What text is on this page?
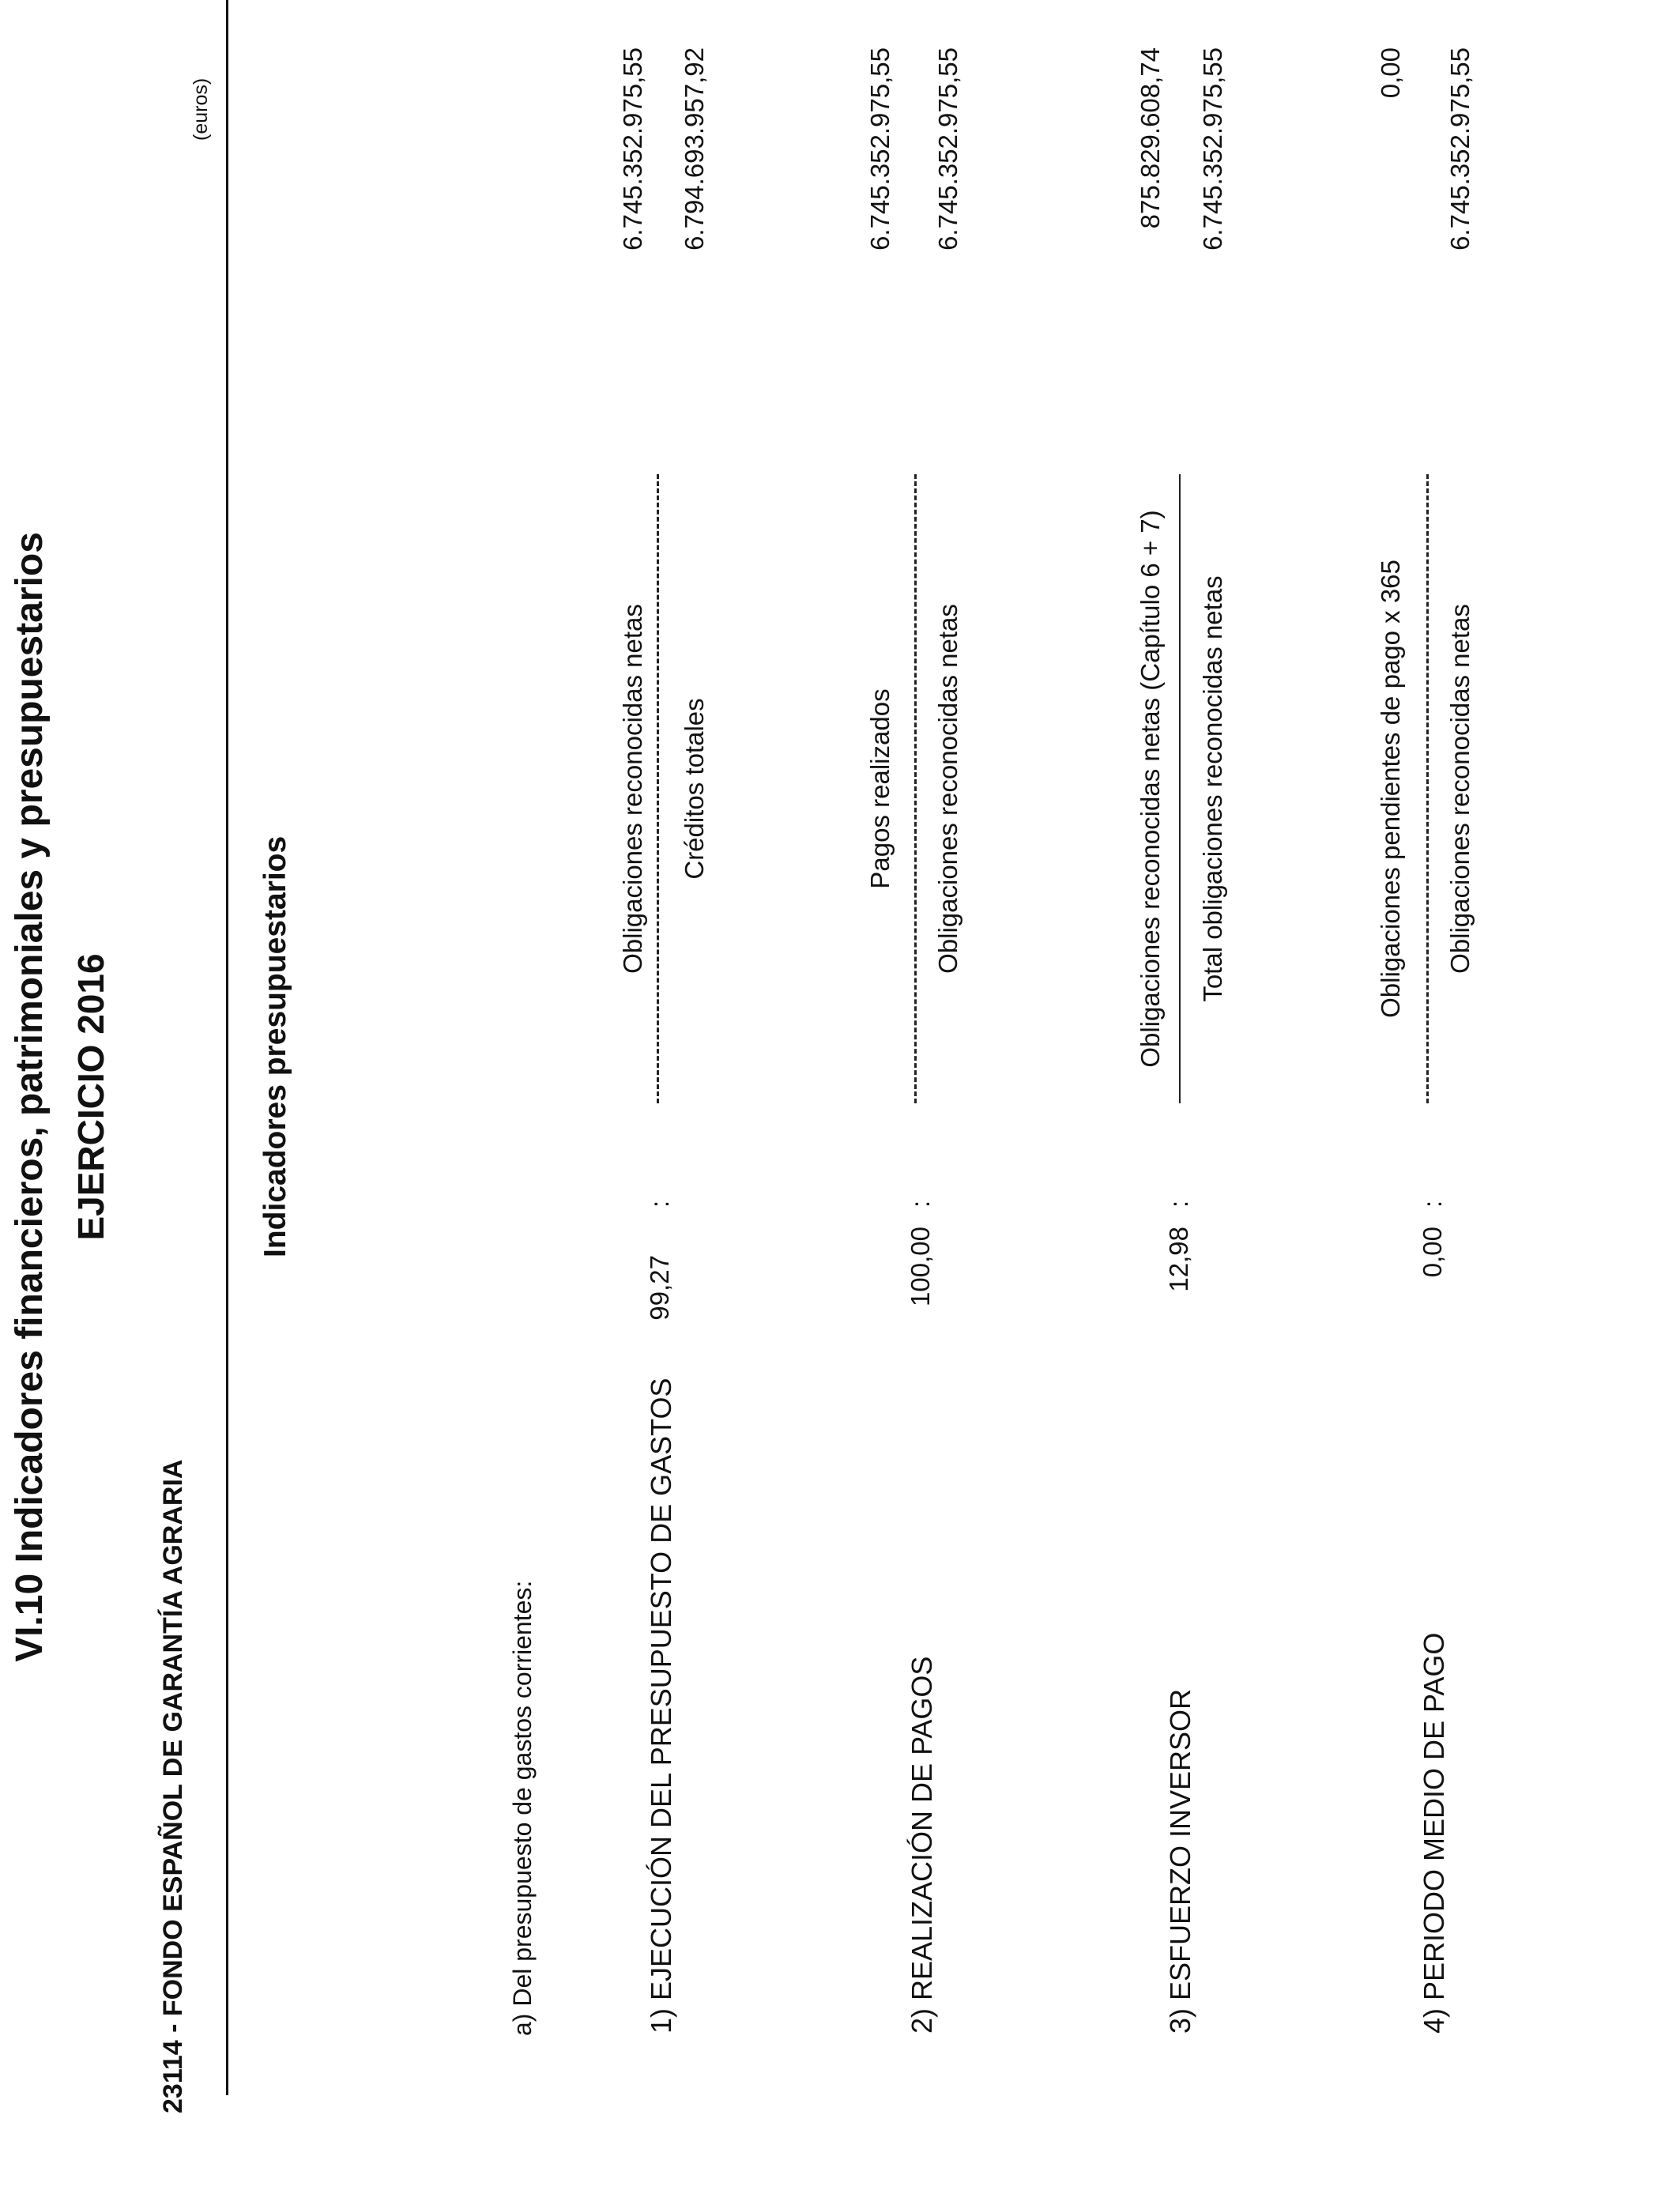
VI.10 Indicadores financieros, patrimoniales y presupuestarios EJERCICIO 2016
23114 - FONDO ESPAÑOL DE GARANTÍA AGRARIA
(euros)
Indicadores presupuestarios
a) Del presupuesto de gastos corrientes:	1) EJECUCIÓN DEL PRESUPUESTO DE GASTOS
99,27
:
Obligaciones reconocidas netas Créditos totales
6.745.352.975,55 6.794.693.957,92
2) REALIZACIÓN DE PAGOS
100,00
:
Pagos realizados Obligaciones reconocidas netas
6.745.352.975,55 6.745.352.975,55
3) ESFUERZO INVERSOR
12,98
:
Obligaciones reconocidas netas (Capítulo 6 + 7) Total obligaciones reconocidas netas
875.829.608,74 6.745.352.975,55
4) PERIODO MEDIO DE PAGO
0,00
:
Obligaciones pendientes de pago x 365 Obligaciones reconocidas netas
0,00 6.745.352.975,55
